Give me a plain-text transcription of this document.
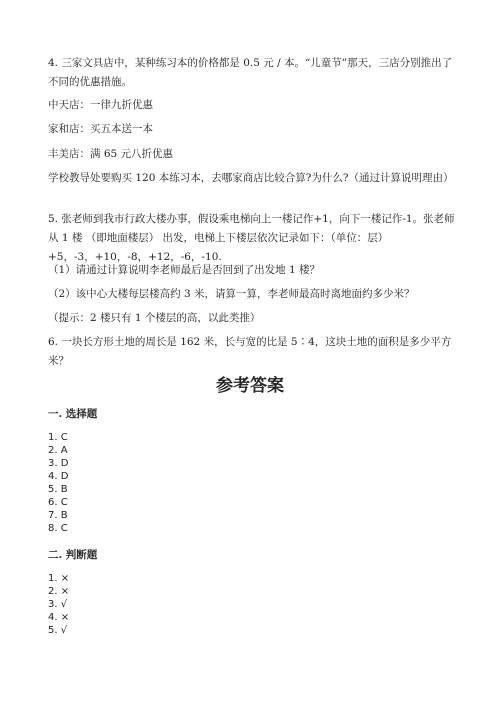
4. 三家文具店中，某种练习本的价格都是 0.5 元 / 本。“儿童节”那天，三店分别推出了不同的优惠措施。

中天店：一律九折优惠

家和店：买五本送一本

丰美店：满 65 元八折优惠

学校教导处要购买 120 本练习本，去哪家商店比较合算?为什么?（通过计算说明理由）

5. 张老师到我市行政大楼办事，假设乘电梯向上一楼记作+1，向下一楼记作-1。张老师从 1 楼 （即地面楼层） 出发，电梯上下楼层依次记录如下：（单位：层）+5，-3，+10，-8，+12，-6，-10.

（1）请通过计算说明李老师最后是否回到了出发地 1 楼？

（2）该中心大楼每层楼高约 3 米，请算一算，李老师最高时离地面约多少米？

（提示：2 楼只有 1 个楼层的高，以此类推）

6. 一块长方形土地的周长是 162 米，长与宽的比是 5∶4，这块土地的面积是多少平方米？

参考答案
一. 选择题
1. C
2. A
3. D
4. D
5. B
6. C
7. B
8. C
二. 判断题
1. ×
2. ×
3. √
4. ×
5. √
